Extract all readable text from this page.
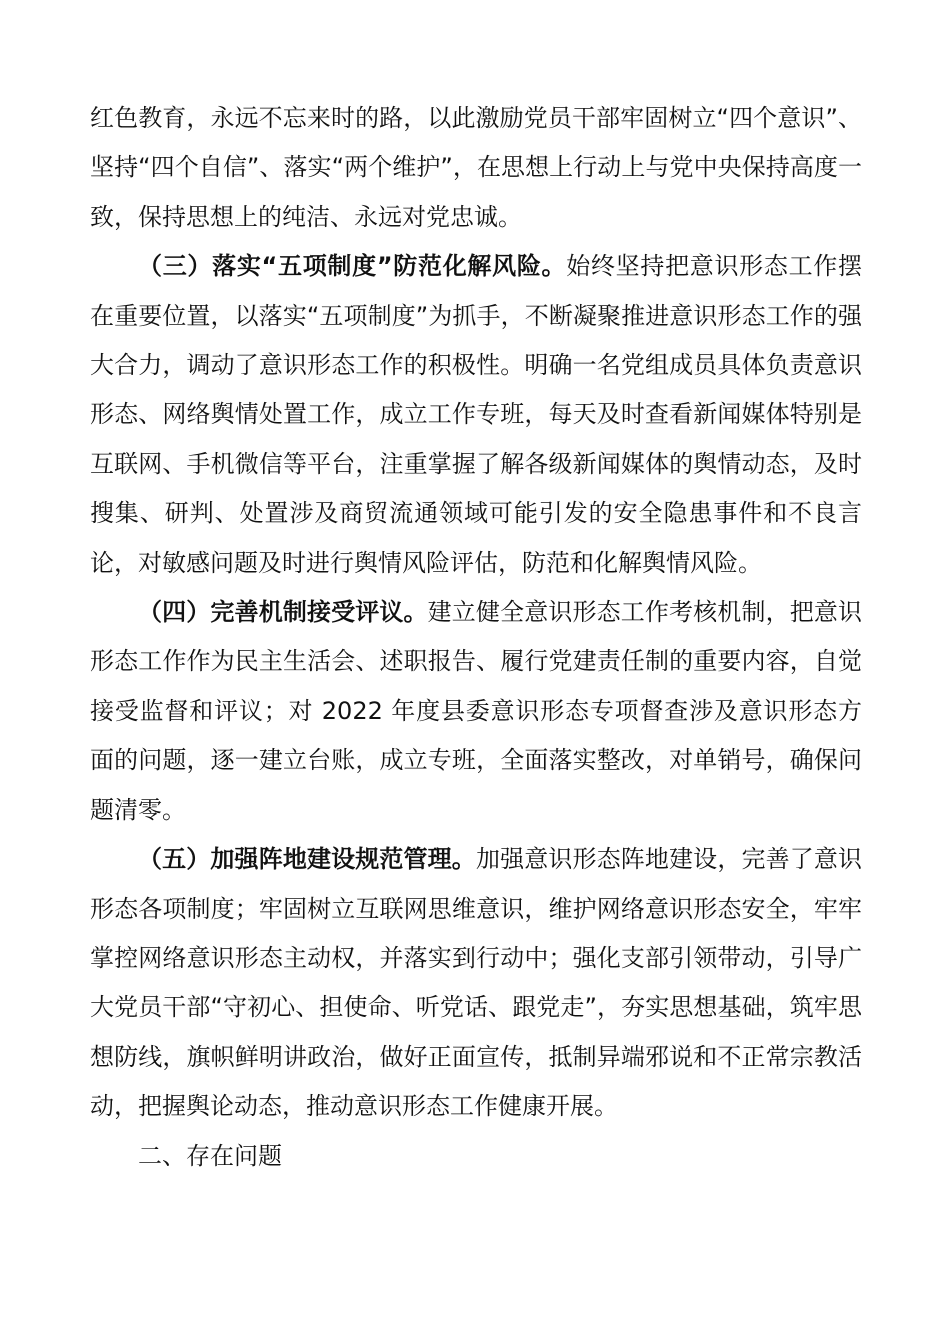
红色教育，永远不忘来时的路，以此激励党员干部牢固树立“四个意识”、坚持“四个自信”、落实“两个维护”，在思想上行动上与党中央保持高度一致，保持思想上的纯洁、永远对党忠诚。

（三）落实“五项制度”防范化解风险。始终坚持把意识形态工作摆在重要位置，以落实“五项制度”为抓手，不断凝聚推进意识形态工作的强大合力，调动了意识形态工作的积极性。明确一名党组成员具体负责意识形态、网络舆情处置工作，成立工作专班，每天及时查看新闻媒体特别是互联网、手机微信等平台，注重掌握了解各级新闻媒体的舆情动态，及时搜集、研判、处置涉及商贸流通领域可能引发的安全隐患事件和不良言论，对敏感问题及时进行舆情风险评估，防范和化解舆情风险。

（四）完善机制接受评议。建立健全意识形态工作考核机制，把意识形态工作作为民主生活会、述职报告、履行党建责任制的重要内容，自觉接受监督和评议；对 2022 年度县委意识形态专项督查涉及意识形态方面的问题，逐一建立台账，成立专班，全面落实整改，对单销号，确保问题清零。

（五）加强阵地建设规范管理。加强意识形态阵地建设，完善了意识形态各项制度；牢固树立互联网思维意识，维护网络意识形态安全，牢牢掌控网络意识形态主动权，并落实到行动中；强化支部引领带动，引导广大党员干部“守初心、担使命、听党话、跟党走”，夯实思想基础，筑牢思想防线，旗帜鲜明讲政治，做好正面宣传，抵制异端邪说和不正常宗教活动，把握舆论动态，推动意识形态工作健康开展。

二、存在问题
